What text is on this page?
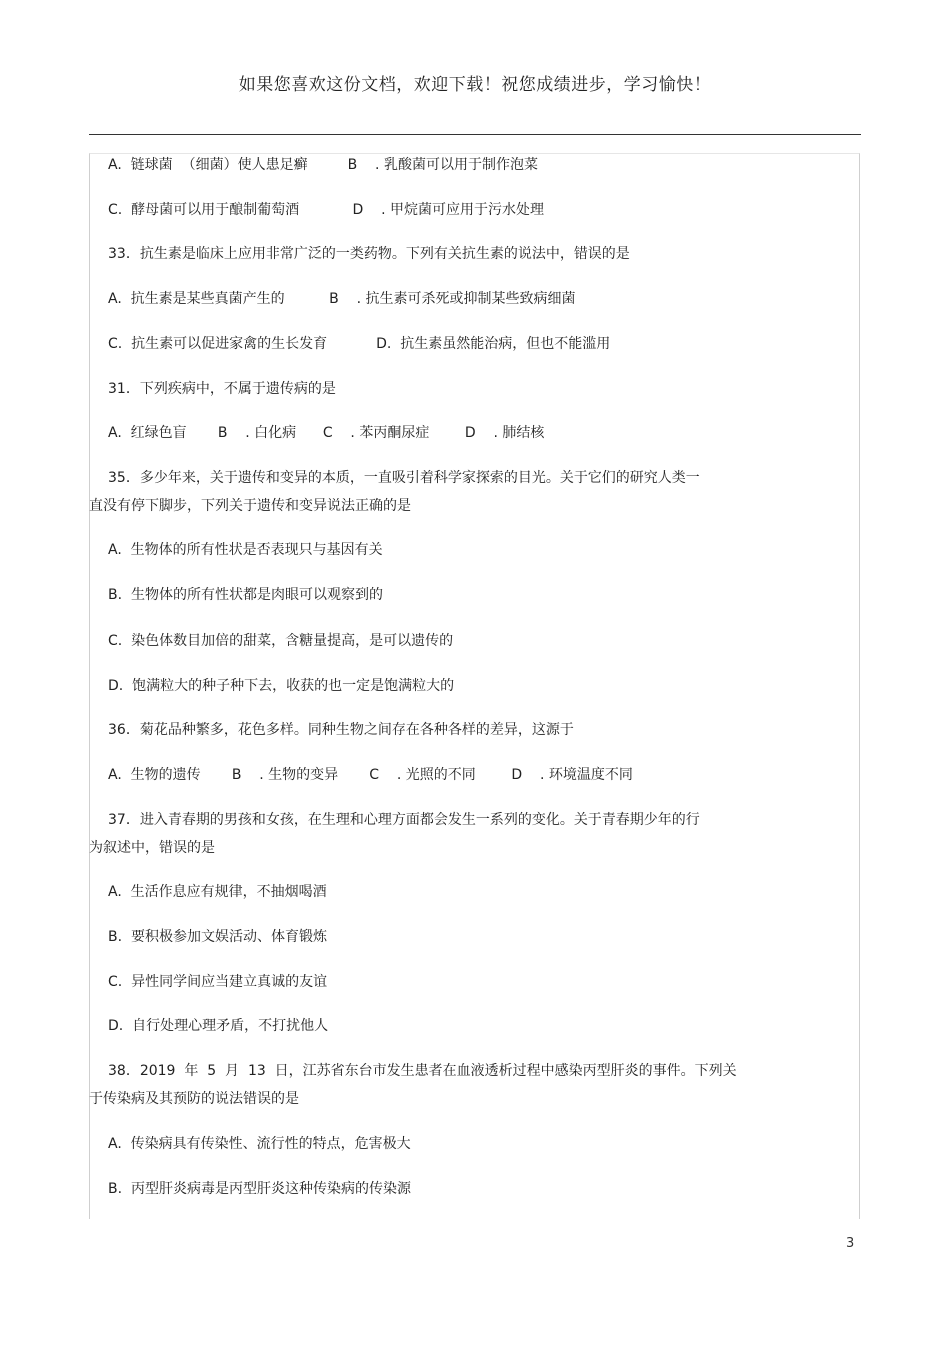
如果您喜欢这份文档，欢迎下载！祝您成绩进步，学习愉快！
A.  链球菌  （细菌）使人患足癣         B    . 乳酸菌可以用于制作泡菜
C.  酵母菌可以用于酿制葡萄酒            D    . 甲烷菌可应用于污水处理
33．抗生素是临床上应用非常广泛的一类药物。下列有关抗生素的说法中，错误的是
A.  抗生素是某些真菌产生的          B    . 抗生素可杀死或抑制某些致病细菌
C.  抗生素可以促进家禽的生长发育           D.  抗生素虽然能治病，但也不能滥用
31．下列疾病中，不属于遗传病的是
A.  红绿色盲       B    . 白化病      C    . 苯丙酮尿症        D    . 肺结核
35．多少年来，关于遗传和变异的本质，一直吸引着科学家探索的目光。关于它们的研究人类一
直没有停下脚步，下列关于遗传和变异说法正确的是
A.  生物体的所有性状是否表现只与基因有关
B.  生物体的所有性状都是肉眼可以观察到的
C.  染色体数目加倍的甜菜，含糖量提高，是可以遗传的
D.  饱满粒大的种子种下去，收获的也一定是饱满粒大的
36．菊花品种繁多，花色多样。同种生物之间存在各种各样的差异，这源于
A.  生物的遗传       B    . 生物的变异       C    . 光照的不同        D    . 环境温度不同
37．进入青春期的男孩和女孩，在生理和心理方面都会发生一系列的变化。关于青春期少年的行
为叙述中，错误的是
A.  生活作息应有规律，不抽烟喝酒
B.  要积极参加文娱活动、体育锻炼
C.  异性同学间应当建立真诚的友谊
D.  自行处理心理矛盾，不打扰他人
38．2019  年  5  月  13  日，江苏省东台市发生患者在血液透析过程中感染丙型肝炎的事件。下列关
于传染病及其预防的说法错误的是
A.  传染病具有传染性、流行性的特点，危害极大
B.  丙型肝炎病毒是丙型肝炎这种传染病的传染源
3
